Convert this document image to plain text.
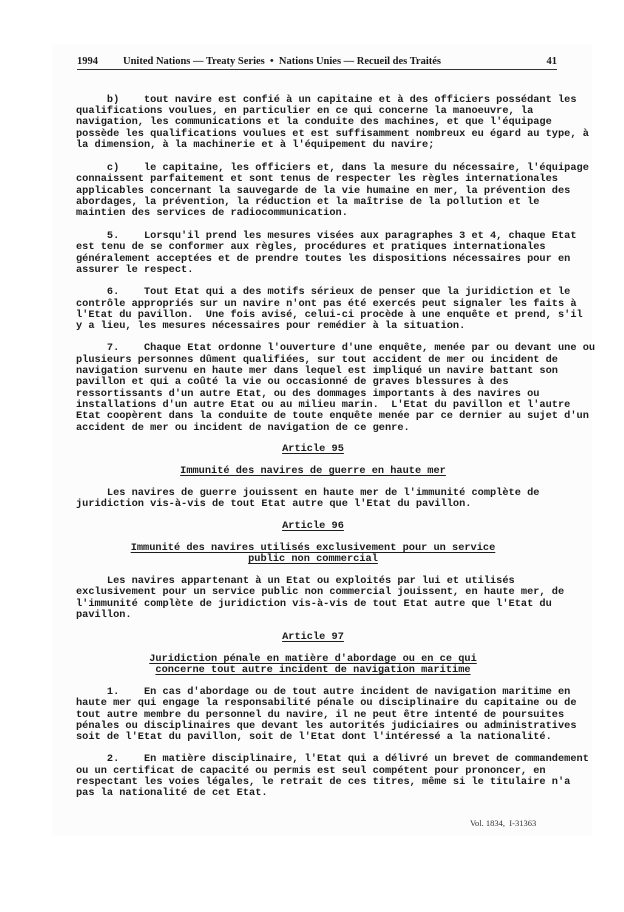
1994 United Nations — Treaty Series  •  Nations Unies — Recueil des Traités	41
b)    tout navire est confié à un capitaine et à des officiers possédant les
qualifications voulues, en particulier en ce qui concerne la manoeuvre, la
navigation, les communications et la conduite des machines, et que l'équipage
possède les qualifications voulues et est suffisamment nombreux eu égard au type, à
la dimension, à la machinerie et à l'équipement du navire;
c)    le capitaine, les officiers et, dans la mesure du nécessaire, l'équipage
connaissent parfaitement et sont tenus de respecter les règles internationales
applicables concernant la sauvegarde de la vie humaine en mer, la prévention des
abordages, la prévention, la réduction et la maîtrise de la pollution et le
maintien des services de radiocommunication.
5.    Lorsqu'il prend les mesures visées aux paragraphes 3 et 4, chaque Etat
est tenu de se conformer aux règles, procédures et pratiques internationales
généralement acceptées et de prendre toutes les dispositions nécessaires pour en
assurer le respect.
6.    Tout Etat qui a des motifs sérieux de penser que la juridiction et le
contrôle appropriés sur un navire n'ont pas été exercés peut signaler les faits à
l'Etat du pavillon.  Une fois avisé, celui-ci procède à une enquête et prend, s'il
y a lieu, les mesures nécessaires pour remédier à la situation.
7.    Chaque Etat ordonne l'ouverture d'une enquête, menée par ou devant une ou
plusieurs personnes dûment qualifiées, sur tout accident de mer ou incident de
navigation survenu en haute mer dans lequel est impliqué un navire battant son
pavillon et qui a coûté la vie ou occasionné de graves blessures à des
ressortissants d'un autre Etat, ou des dommages importants à des navires ou
installations d'un autre Etat ou au milieu marin.  L'Etat du pavillon et l'autre
Etat coopèrent dans la conduite de toute enquête menée par ce dernier au sujet d'un
accident de mer ou incident de navigation de ce genre.
Article 95
Immunité des navires de guerre en haute mer
Les navires de guerre jouissent en haute mer de l'immunité complète de
juridiction vis-à-vis de tout Etat autre que l'Etat du pavillon.
Article 96
Immunité des navires utilisés exclusivement pour un service
public non commercial
Les navires appartenant à un Etat ou exploités par lui et utilisés
exclusivement pour un service public non commercial jouissent, en haute mer, de
l'immunité complète de juridiction vis-à-vis de tout Etat autre que l'Etat du
pavillon.
Article 97
Juridiction pénale en matière d'abordage ou en ce qui
concerne tout autre incident de navigation maritime
1.    En cas d'abordage ou de tout autre incident de navigation maritime en
haute mer qui engage la responsabilité pénale ou disciplinaire du capitaine ou de
tout autre membre du personnel du navire, il ne peut être intenté de poursuites
pénales ou disciplinaires que devant les autorités judiciaires ou administratives
soit de l'Etat du pavillon, soit de l'Etat dont l'intéressé a la nationalité.
2.    En matière disciplinaire, l'Etat qui a délivré un brevet de commandement
ou un certificat de capacité ou permis est seul compétent pour prononcer, en
respectant les voies légales, le retrait de ces titres, même si le titulaire n'a
pas la nationalité de cet Etat.
Vol. 1834,  I-31363
